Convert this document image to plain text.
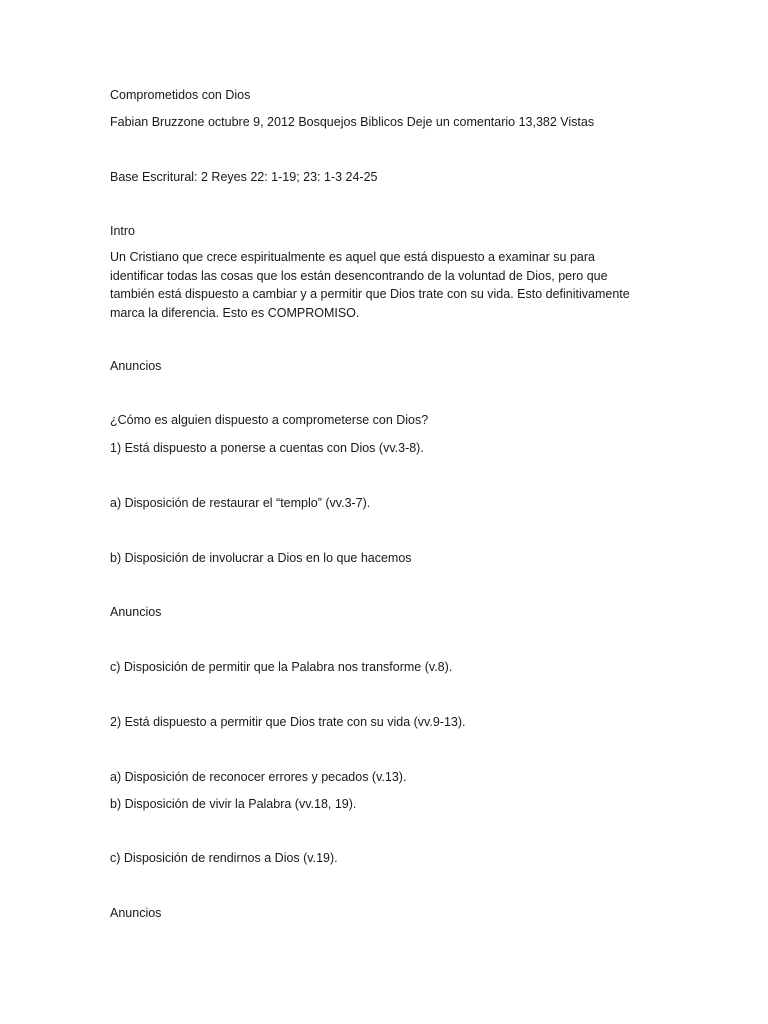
Comprometidos con Dios
Fabian Bruzzone octubre 9, 2012 Bosquejos Biblicos Deje un comentario 13,382 Vistas
Base Escritural: 2 Reyes 22: 1-19; 23: 1-3 24-25
Intro
Un Cristiano que crece espiritualmente es aquel que está dispuesto a examinar su para
identificar todas las cosas que los están desencontrando de la voluntad de Dios, pero que
también está dispuesto a cambiar y a permitir que Dios trate con su vida. Esto definitivamente
marca la diferencia. Esto es COMPROMISO.
Anuncios
¿Cómo es alguien dispuesto a comprometerse con Dios?
1) Está dispuesto a ponerse a cuentas con Dios (vv.3-8).
a) Disposición de restaurar el “templo” (vv.3-7).
b) Disposición de involucrar a Dios en lo que hacemos
Anuncios
c) Disposición de permitir que la Palabra nos transforme (v.8).
2) Está dispuesto a permitir que Dios trate con su vida (vv.9-13).
a) Disposición de reconocer errores y pecados (v.13).
b) Disposición de vivir la Palabra (vv.18, 19).
c) Disposición de rendirnos a Dios (v.19).
Anuncios
